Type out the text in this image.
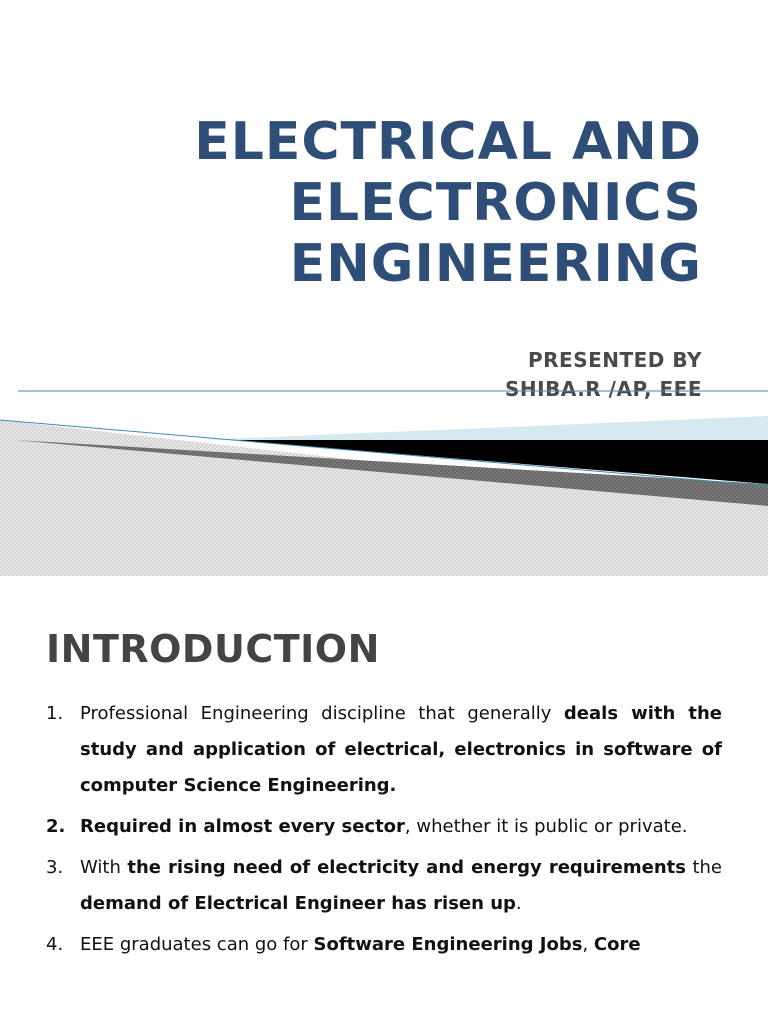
ELECTRICAL AND
ELECTRONICS
ENGINEERING
PRESENTED BY
SHIBA.R /AP, EEE
INTRODUCTION
1. Professional Engineering discipline that generally deals with the study and application of electrical, electronics in software of computer Science Engineering.
2. Required in almost every sector, whether it is public or private.
3. With the rising need of electricity and energy requirements the demand of Electrical Engineer has risen up.
4. EEE graduates can go for Software Engineering Jobs, Core
